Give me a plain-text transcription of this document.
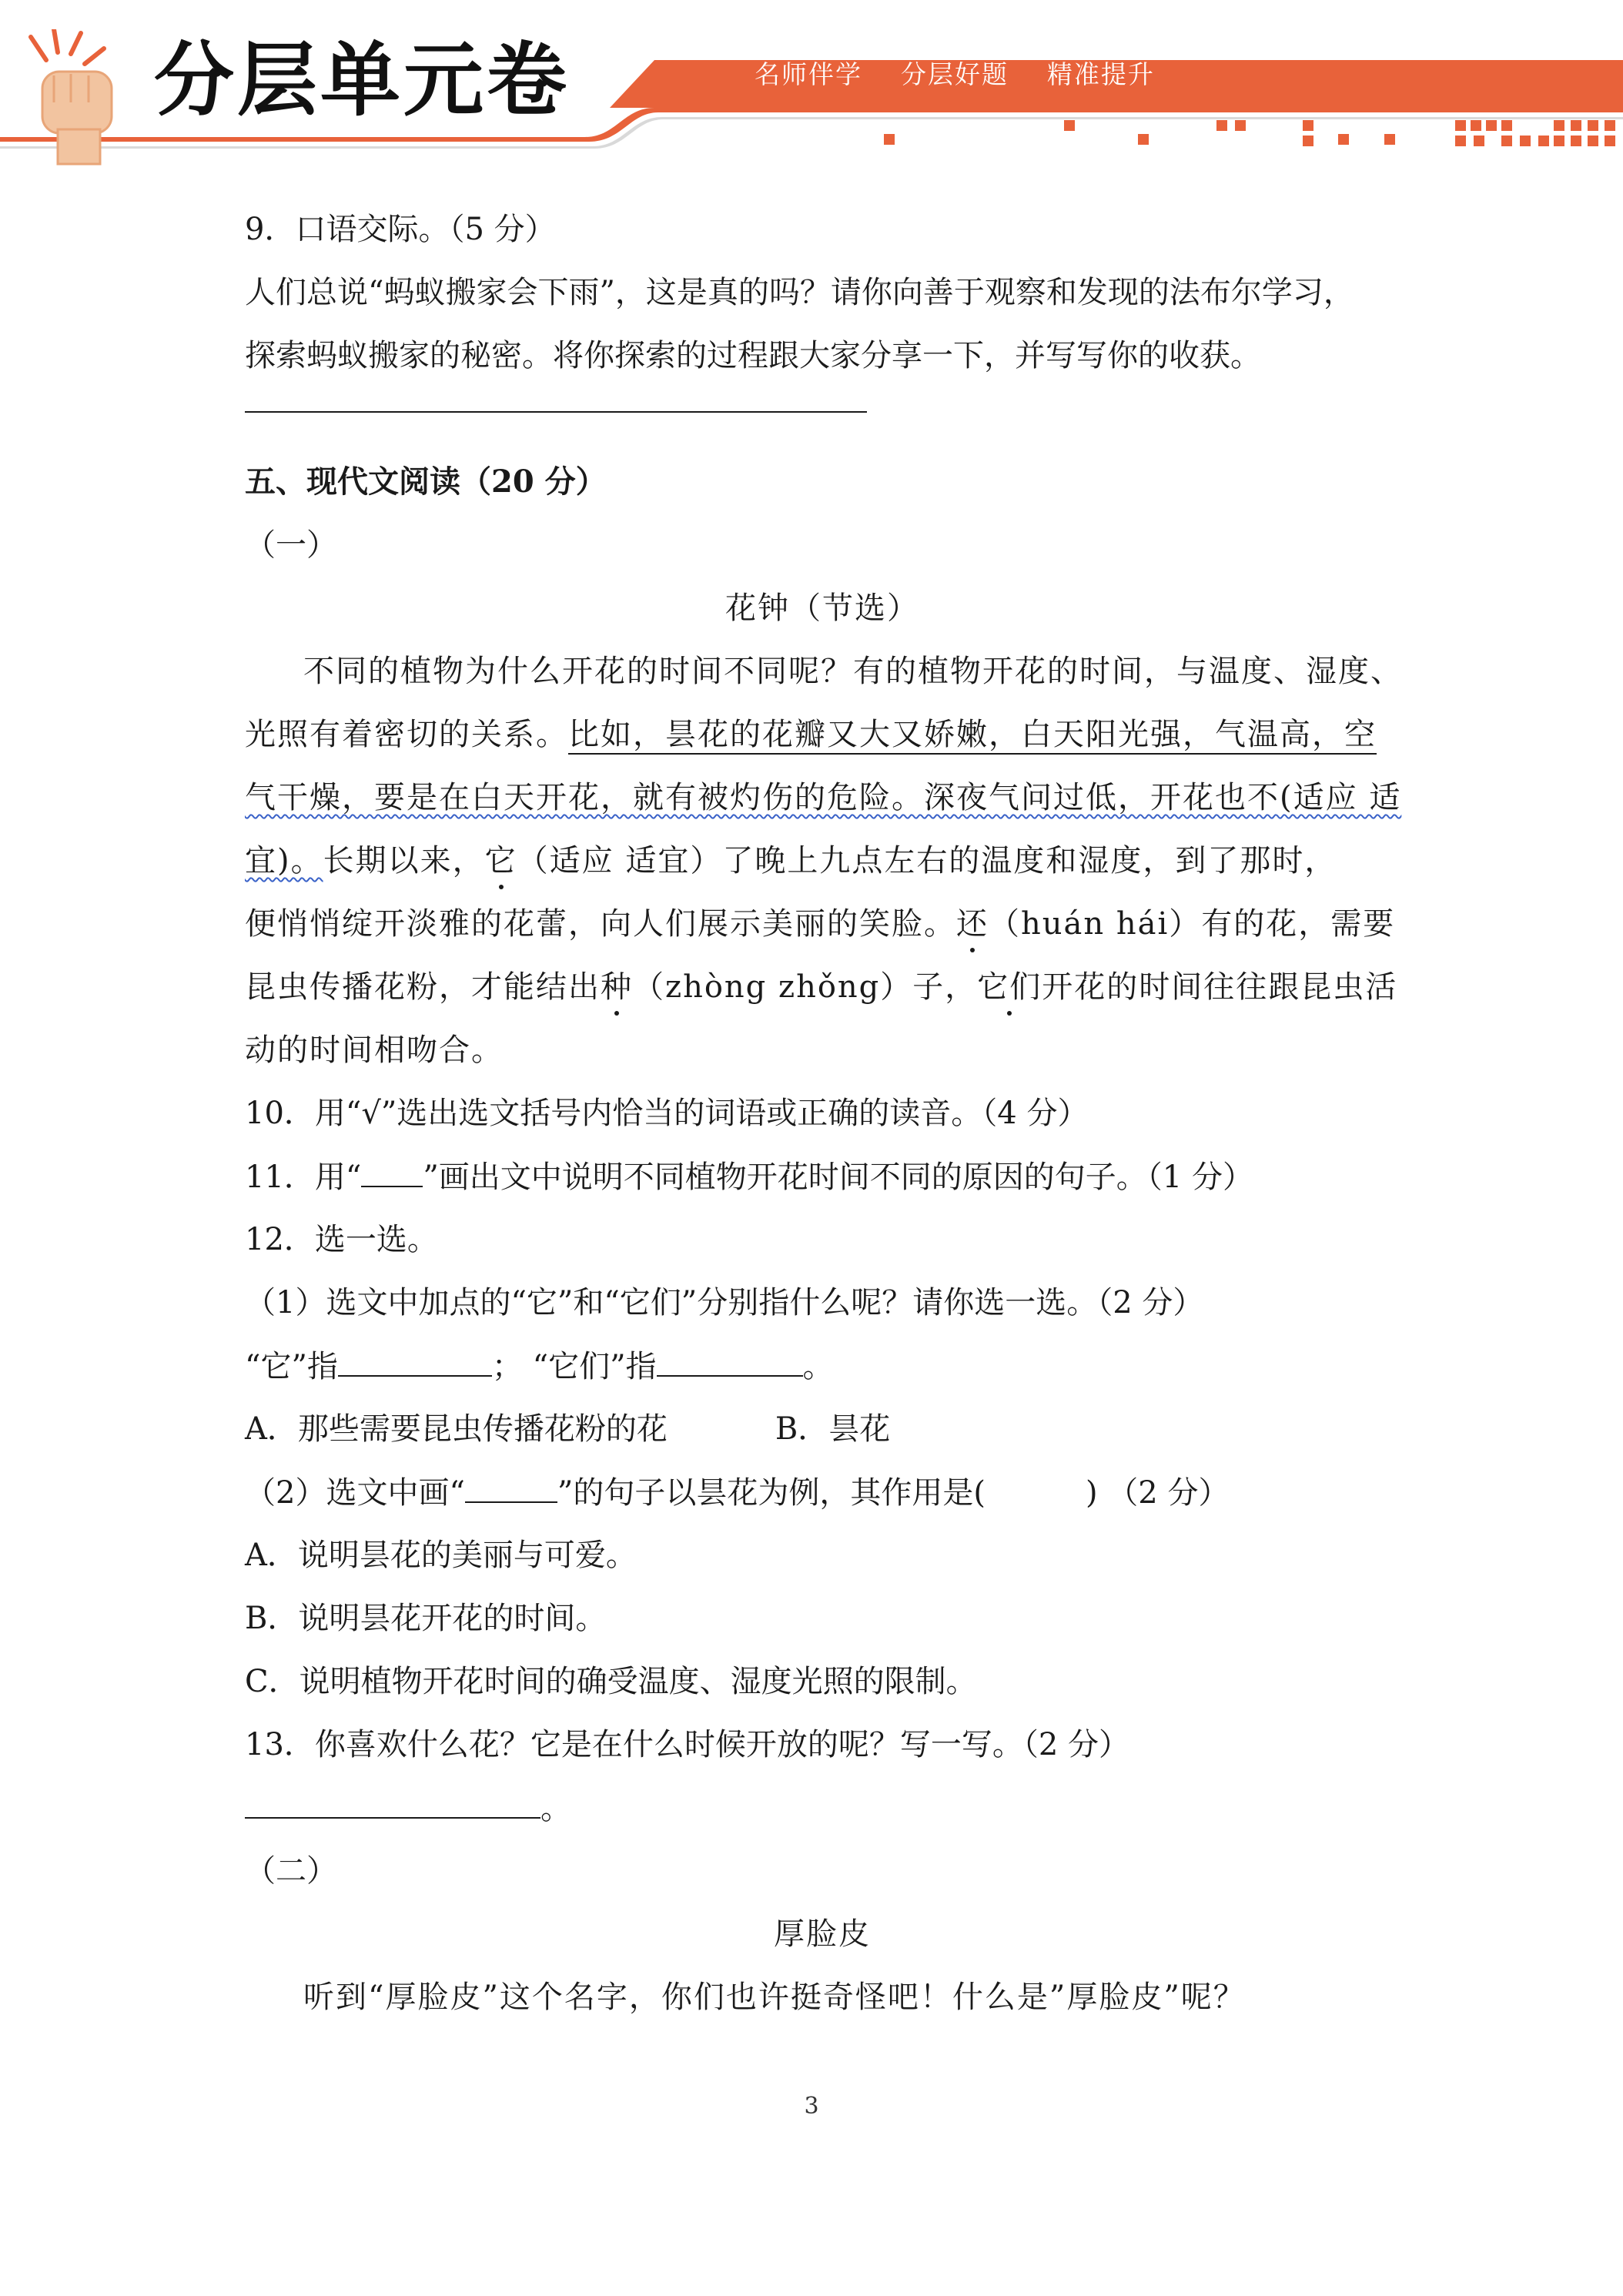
分层单元卷	名师伴学    分层好题    精准提升
9．口语交际。（5 分）
人们总说“蚂蚁搬家会下雨”，这是真的吗？请你向善于观察和发现的法布尔学习，
探索蚂蚁搬家的秘密。将你探索的过程跟大家分享一下，并写写你的收获。
五、现代文阅读（20 分）
（一）
花钟（节选）
不同的植物为什么开花的时间不同呢？有的植物开花的时间，与温度、湿度、
光照有着密切的关系。比如，昙花的花瓣又大又娇嫩，白天阳光强，气温高，空
气干燥，要是在白天开花，就有被灼伤的危险。深夜气问过低，开花也不(适应 适
宜)。长期以来，它（适应 适宜）了晚上九点左右的温度和湿度，到了那时，
便悄悄绽开淡雅的花蕾，向人们展示美丽的笑脸。还（huán hái）有的花，需要
昆虫传播花粉，才能结出种（zhòng zhǒng）子，它们开花的时间往往跟昆虫活
动的时间相吻合。
10．用“√”选出选文括号内恰当的词语或正确的读音。（4 分）
11．用“ ”画出文中说明不同植物开花时间不同的原因的句子。（1 分）
12．选一选。
（1）选文中加点的“它”和“它们”分别指什么呢？请你选一选。（2 分）
“它”指	； “它们”指	。
A．那些需要昆虫传播花粉的花	B．昙花
（2）选文中画“	”的句子以昙花为例，其作用是(	) （2 分）
A．说明昙花的美丽与可爱。
B．说明昙花开花的时间。
C．说明植物开花时间的确受温度、湿度光照的限制。
13．你喜欢什么花？它是在什么时候开放的呢？写一写。（2 分）
。
（二）
厚脸皮
听到“厚脸皮”这个名字，你们也许挺奇怪吧！什么是”厚脸皮”呢？
3
